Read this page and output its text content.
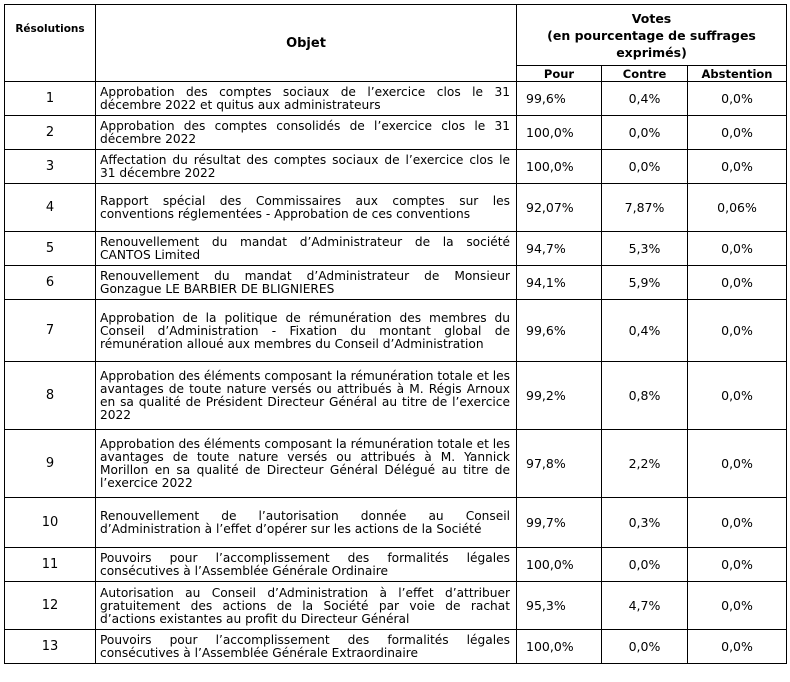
Résolutions	Objet	Votes
(en pourcentage de suffrages
exprimés)		

		Pour	Contre	Abstention
1	Approbation des comptes sociaux de l’exercice clos le 31 décembre 2022 et quitus aux administrateurs	99,6%	0,4%	0,0%
2	Approbation des comptes consolidés de l’exercice clos le 31 décembre 2022	100,0%	0,0%	0,0%
3	Affectation du résultat des comptes sociaux de l’exercice clos le 31 décembre 2022	100,0%	0,0%	0,0%
4	Rapport spécial des Commissaires aux comptes sur les conventions réglementées - Approbation de ces conventions	92,07%	7,87%	0,06%
5	Renouvellement du mandat d’Administrateur de la société CANTOS Limited	94,7%	5,3%	0,0%
6	Renouvellement du mandat d’Administrateur de Monsieur Gonzague LE BARBIER DE BLIGNIERES	94,1%	5,9%	0,0%
7	Approbation de la politique de rémunération des membres du Conseil d’Administration - Fixation du montant global de rémunération alloué aux membres du Conseil d’Administration	99,6%	0,4%	0,0%
8	Approbation des éléments composant la rémunération totale et les avantages de toute nature versés ou attribués à M. Régis Arnoux en sa qualité de Président Directeur Général au titre de l’exercice 2022	99,2%	0,8%	0,0%
9	Approbation des éléments composant la rémunération totale et les avantages de toute nature versés ou attribués à M. Yannick Morillon en sa qualité de Directeur Général Délégué au titre de l’exercice 2022	97,8%	2,2%	0,0%
10	Renouvellement de l’autorisation donnée au Conseil d’Administration à l’effet d’opérer sur les actions de la Société	99,7%	0,3%	0,0%
11	Pouvoirs pour l’accomplissement des formalités légales consécutives à l’Assemblée Générale Ordinaire	100,0%	0,0%	0,0%
12	Autorisation au Conseil d’Administration à l’effet d’attribuer gratuitement des actions de la Société par voie de rachat d’actions existantes au profit du Directeur Général	95,3%	4,7%	0,0%
13	Pouvoirs pour l’accomplissement des formalités légales consécutives à l’Assemblée Générale Extraordinaire	100,0%	0,0%	0,0%
